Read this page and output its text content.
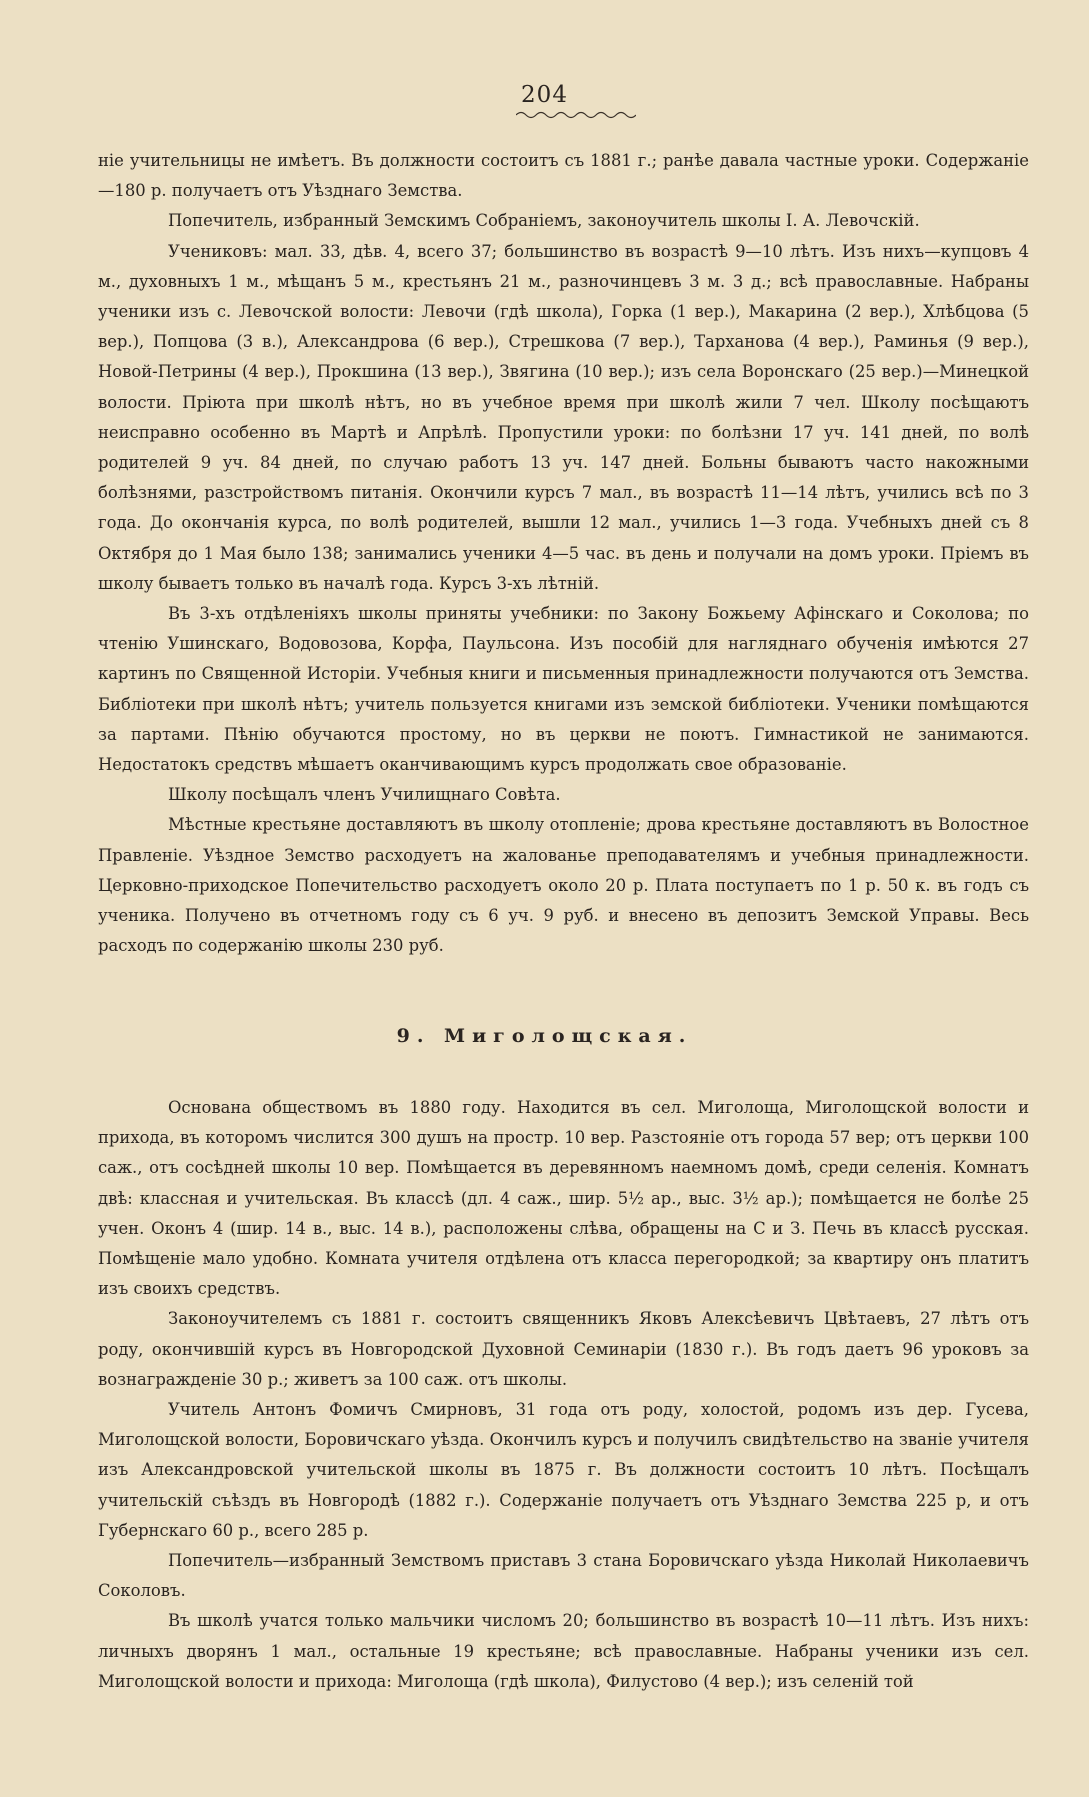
204

ніе учительницы не имѣетъ. Въ должности состоитъ съ 1881 г.; ранѣе давала частные уроки. Содержаніе—180 р. получаетъ отъ Уѣзднаго Земства.

Попечитель, избранный Земскимъ Собраніемъ, законоучитель школы І. А. Левочскій.

Учениковъ: мал. 33, дѣв. 4, всего 37; большинство въ возрастѣ 9—10 лѣтъ. Изъ нихъ—купцовъ 4 м., духовныхъ 1 м., мѣщанъ 5 м., крестьянъ 21 м., разночинцевъ 3 м. 3 д.; всѣ православные. Набраны ученики изъ с. Левочской волости: Левочи (гдѣ школа), Горка (1 вер.), Макарина (2 вер.), Хлѣбцова (5 вер.), Попцова (3 в.), Александрова (6 вер.), Стрешкова (7 вер.), Тарханова (4 вер.), Раминья (9 вер.), Новой-Петрины (4 вер.), Прокшина (13 вер.), Звягина (10 вер.); изъ села Воронскаго (25 вер.)—Минецкой волости. Пріюта при школѣ нѣтъ, но въ учебное время при школѣ жили 7 чел. Школу посѣщаютъ неисправно особенно въ Мартѣ и Апрѣлѣ. Пропустили уроки: по болѣзни 17 уч. 141 дней, по волѣ родителей 9 уч. 84 дней, по случаю работъ 13 уч. 147 дней. Больны бываютъ часто накожными болѣзнями, разстройствомъ питанія. Окончили курсъ 7 мал., въ возрастѣ 11—14 лѣтъ, учились всѣ по 3 года. До окончанія курса, по волѣ родителей, вышли 12 мал., учились 1—3 года. Учебныхъ дней съ 8 Октября до 1 Мая было 138; занимались ученики 4—5 час. въ день и получали на домъ уроки. Пріемъ въ школу бываетъ только въ началѣ года. Курсъ 3-хъ лѣтній.

Въ 3-хъ отдѣленіяхъ школы приняты учебники: по Закону Божьему Афінскаго и Соколова; по чтенію Ушинскаго, Водовозова, Корфа, Паульсона. Изъ пособій для нагляднаго обученія имѣются 27 картинъ по Священной Исторіи. Учебныя книги и письменныя принадлежности получаются отъ Земства. Библіотеки при школѣ нѣтъ; учитель пользуется книгами изъ земской библіотеки. Ученики помѣщаются за партами. Пѣнію обучаются простому, но въ церкви не поютъ. Гимнастикой не занимаются. Недостатокъ средствъ мѣшаетъ оканчивающимъ курсъ продолжать свое образованіе.

Школу посѣщалъ членъ Училищнаго Совѣта.

Мѣстные крестьяне доставляютъ въ школу отопленіе; дрова крестьяне доставляютъ въ Волостное Правленіе. Уѣздное Земство расходуетъ на жалованье преподавателямъ и учебныя принадлежности. Церковно-приходское Попечительство расходуетъ около 20 р. Плата поступаетъ по 1 р. 50 к. въ годъ съ ученика. Получено въ отчетномъ году съ 6 уч. 9 руб. и внесено въ депозитъ Земской Управы. Весь расходъ по содержанію школы 230 руб.

9. Миголощская.

Основана обществомъ въ 1880 году. Находится въ сел. Миголоща, Миголощской волости и прихода, въ которомъ числится 300 душъ на простр. 10 вер. Разстояніе отъ города 57 вер; отъ церкви 100 саж., отъ сосѣдней школы 10 вер. Помѣщается въ деревянномъ наемномъ домѣ, среди селенія. Комнатъ двѣ: классная и учительская. Въ классѣ (дл. 4 саж., шир. 5½ ар., выс. 3½ ар.); помѣщается не болѣе 25 учен. Оконъ 4 (шир. 14 в., выс. 14 в.), расположены слѣва, обращены на С и З. Печь въ классѣ русская. Помѣщеніе мало удобно. Комната учителя отдѣлена отъ класса перегородкой; за квартиру онъ платитъ изъ своихъ средствъ.

Законоучителемъ съ 1881 г. состоитъ священникъ Яковъ Алексѣевичъ Цвѣтаевъ, 27 лѣтъ отъ роду, окончившій курсъ въ Новгородской Духовной Семинаріи (1830 г.). Въ годъ даетъ 96 уроковъ за вознагражденіе 30 р.; живетъ за 100 саж. отъ школы.

Учитель Антонъ Фомичъ Смирновъ, 31 года отъ роду, холостой, родомъ изъ дер. Гусева, Миголощской волости, Боровичскаго уѣзда. Окончилъ курсъ и получилъ свидѣтельство на званіе учителя изъ Александровской учительской школы въ 1875 г. Въ должности состоитъ 10 лѣтъ. Посѣщалъ учительскій съѣздъ въ Новгородѣ (1882 г.). Содержаніе получаетъ отъ Уѣзднаго Земства 225 р, и отъ Губернскаго 60 р., всего 285 р.

Попечитель—избранный Земствомъ приставъ 3 стана Боровичскаго уѣзда Николай Николаевичъ Соколовъ.

Въ школѣ учатся только мальчики числомъ 20; большинство въ возрастѣ 10—11 лѣтъ. Изъ нихъ: личныхъ дворянъ 1 мал., остальные 19 крестьяне; всѣ православные. Набраны ученики изъ сел. Миголощской волости и прихода: Миголоща (гдѣ школа), Филустово (4 вер.); изъ селеній той
